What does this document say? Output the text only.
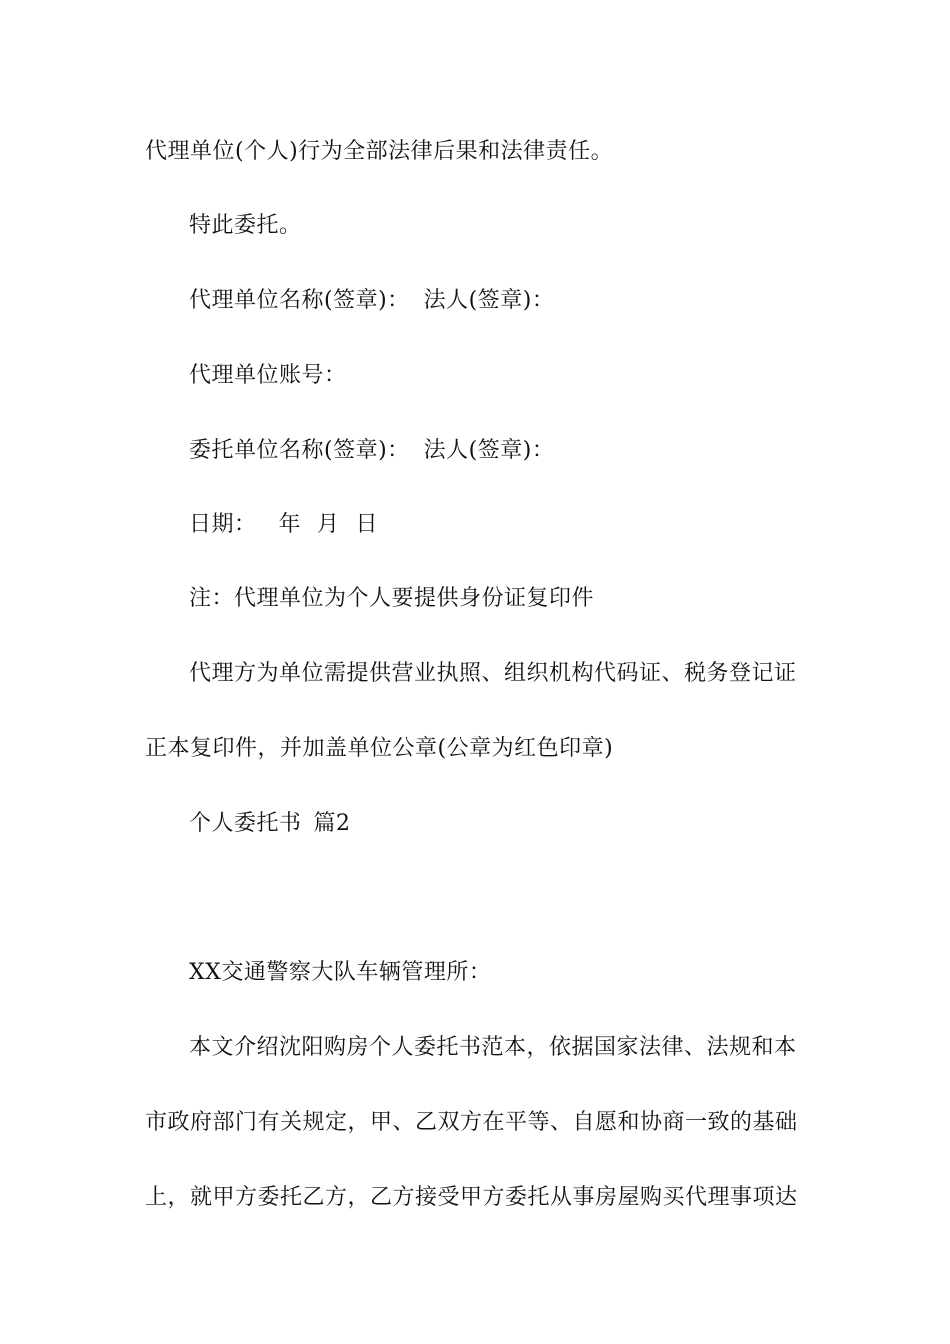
代理单位(个人)行为全部法律后果和法律责任。

特此委托。

代理单位名称(签章)： 法人(签章)：

代理单位账号：

委托单位名称(签章)： 法人(签章)：

日期： 年 月 日

注：代理单位为个人要提供身份证复印件

代理方为单位需提供营业执照、组织机构代码证、税务登记证

正本复印件，并加盖单位公章(公章为红色印章)

个人委托书 篇2

XX交通警察大队车辆管理所：

本文介绍沈阳购房个人委托书范本，依据国家法律、法规和本

市政府部门有关规定，甲、乙双方在平等、自愿和协商一致的基础

上，就甲方委托乙方，乙方接受甲方委托从事房屋购买代理事项达
